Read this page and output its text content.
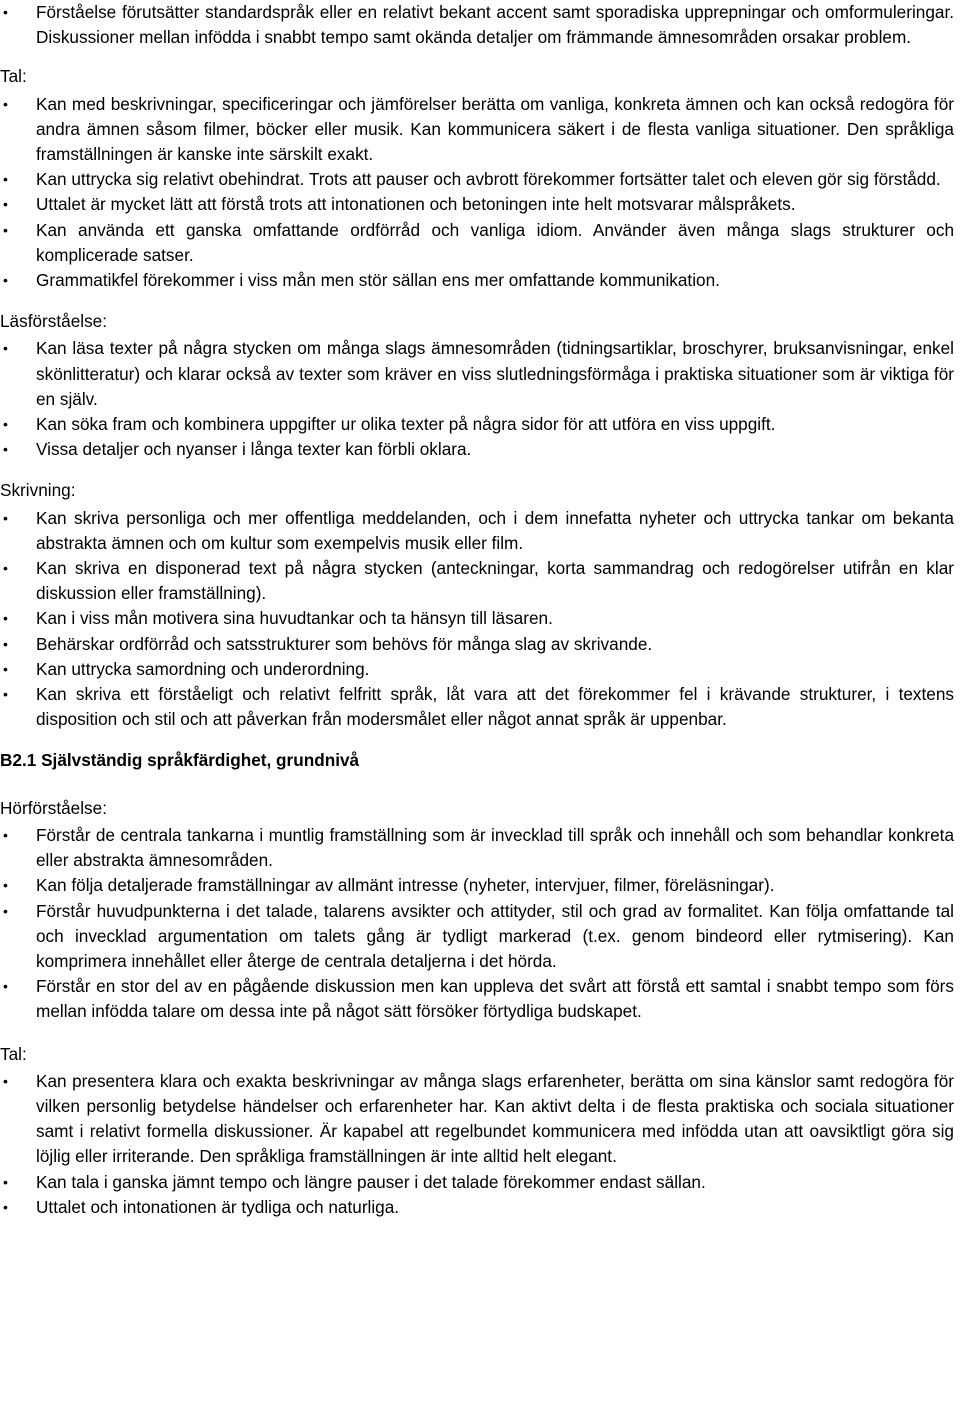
•	Förståelse förutsätter standardspråk eller en relativt bekant accent samt sporadiska upprepningar och omformuleringar. Diskussioner mellan infödda i snabbt tempo samt okända detaljer om främmande ämnesområden orsakar problem.
Tal:
•	Kan med beskrivningar, specificeringar och jämförelser berätta om vanliga, konkreta ämnen och kan också redogöra för andra ämnen såsom filmer, böcker eller musik. Kan kommunicera säkert i de flesta vanliga situationer. Den språkliga framställningen är kanske inte särskilt exakt.
•	Kan uttrycka sig relativt obehindrat. Trots att pauser och avbrott förekommer fortsätter talet och eleven gör sig förstådd.
•	Uttalet är mycket lätt att förstå trots att intonationen och betoningen inte helt motsvarar målspråkets.
•	Kan använda ett ganska omfattande ordförråd och vanliga idiom. Använder även många slags strukturer och komplicerade satser.
•	Grammatikfel förekommer i viss mån men stör sällan ens mer omfattande kommunikation.
Läsförståelse:
•	Kan läsa texter på några stycken om många slags ämnesområden (tidningsartiklar, broschyrer, bruksanvisningar, enkel skönlitteratur) och klarar också av texter som kräver en viss slutledningsförmåga i praktiska situationer som är viktiga för en själv.
•	Kan söka fram och kombinera uppgifter ur olika texter på några sidor för att utföra en viss uppgift.
•	Vissa detaljer och nyanser i långa texter kan förbli oklara.
Skrivning:
•	Kan skriva personliga och mer offentliga meddelanden, och i dem innefatta nyheter och uttrycka tankar om bekanta abstrakta ämnen och om kultur som exempelvis musik eller film.
•	Kan skriva en disponerad text på några stycken (anteckningar, korta sammandrag och redogörelser utifrån en klar diskussion eller framställning).
•	Kan i viss mån motivera sina huvudtankar och ta hänsyn till läsaren.
•	Behärskar ordförråd och satsstrukturer som behövs för många slag av skrivande.
•	Kan uttrycka samordning och underordning.
•	Kan skriva ett förståeligt och relativt felfritt språk, låt vara att det förekommer fel i krävande strukturer, i textens disposition och stil och att påverkan från modersmålet eller något annat språk är uppenbar.
B2.1 Självständig språkfärdighet, grundnivå
Hörförståelse:
•	Förstår de centrala tankarna i muntlig framställning som är invecklad till språk och innehåll och som behandlar konkreta eller abstrakta ämnesområden.
•	Kan följa detaljerade framställningar av allmänt intresse (nyheter, intervjuer, filmer, föreläsningar).
•	Förstår huvudpunkterna i det talade, talarens avsikter och attityder, stil och grad av formalitet. Kan följa omfattande tal och invecklad argumentation om talets gång är tydligt markerad (t.ex. genom bindeord eller rytmisering). Kan komprimera innehållet eller återge de centrala detaljerna i det hörda.
•	Förstår en stor del av en pågående diskussion men kan uppleva det svårt att förstå ett samtal i snabbt tempo som förs mellan infödda talare om dessa inte på något sätt försöker förtydliga budskapet.
Tal:
•	Kan presentera klara och exakta beskrivningar av många slags erfarenheter, berätta om sina känslor samt redogöra för vilken personlig betydelse händelser och erfarenheter har. Kan aktivt delta i de flesta praktiska och sociala situationer samt i relativt formella diskussioner. Är kapabel att regelbundet kommunicera med infödda utan att oavsiktligt göra sig löjlig eller irriterande. Den språkliga framställningen är inte alltid helt elegant.
•	Kan tala i ganska jämnt tempo och längre pauser i det talade förekommer endast sällan.
•	Uttalet och intonationen är tydliga och naturliga.
